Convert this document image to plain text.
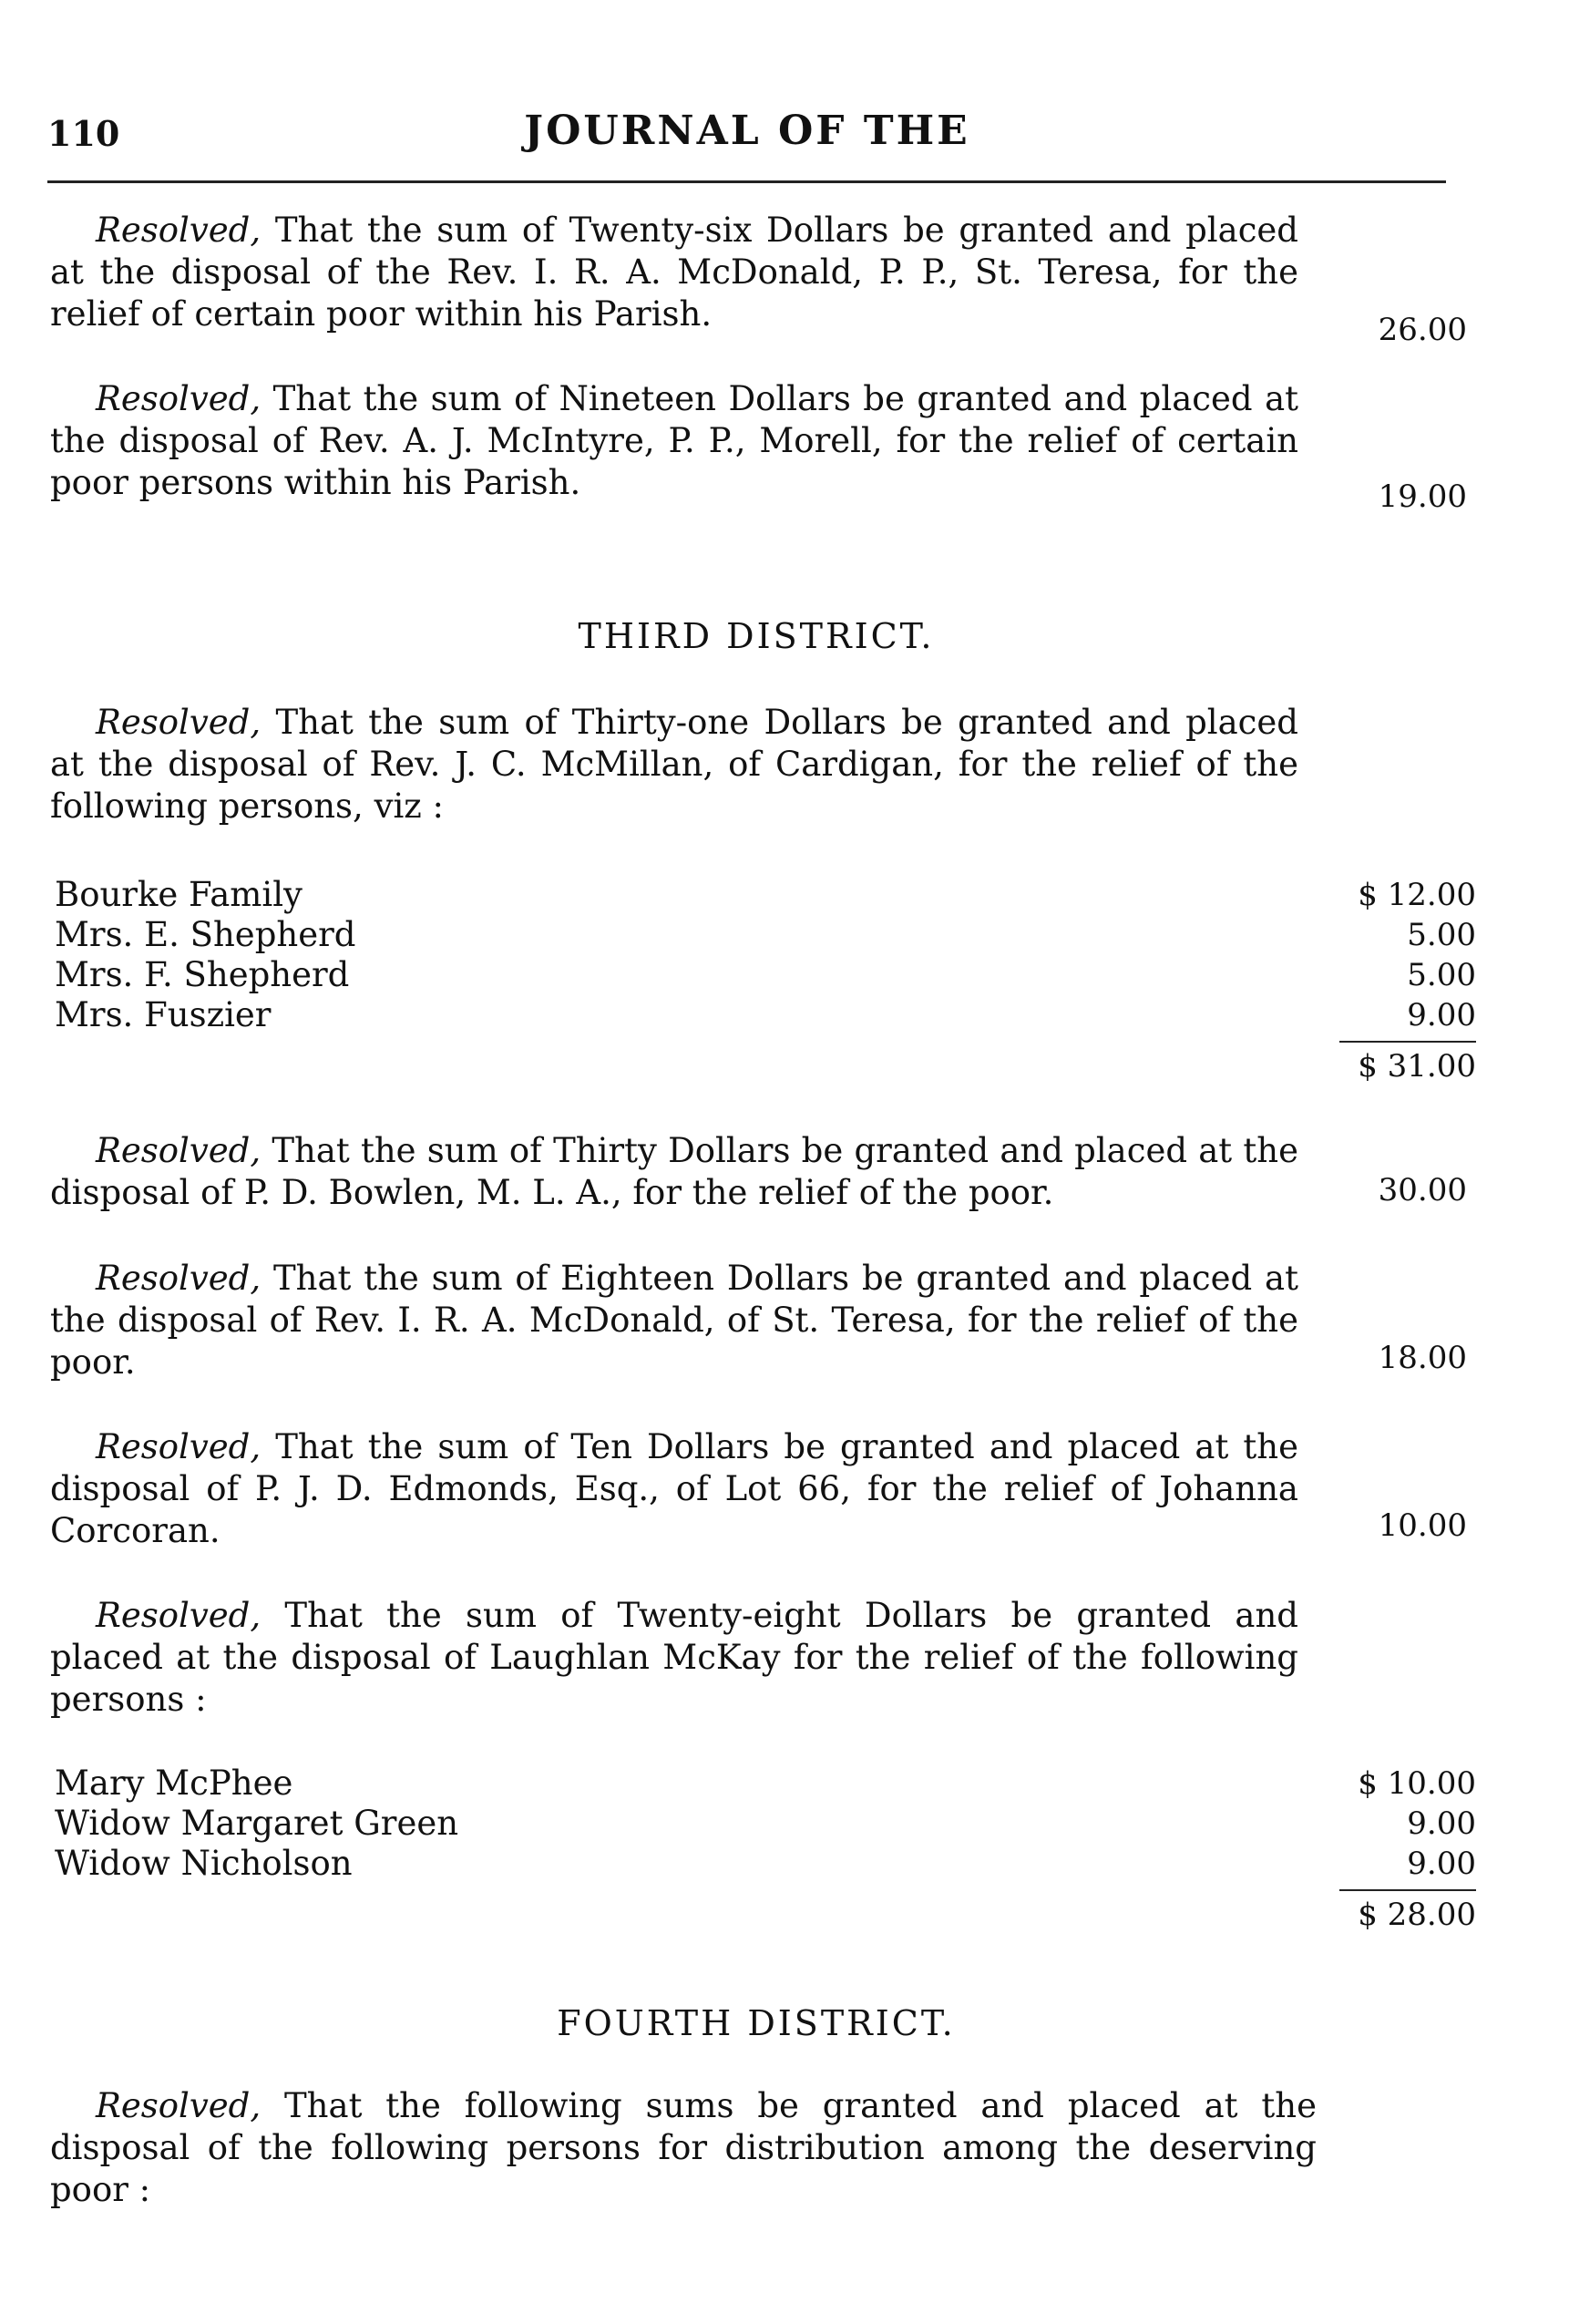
110	JOURNAL OF THE

Resolved, That the sum of Twenty-six Dollars be granted and placed at the disposal of the Rev. I. R. A. McDonald, P. P., St. Teresa, for the relief of certain poor within his Parish.	26.00

Resolved, That the sum of Nineteen Dollars be granted and placed at the disposal of Rev. A. J. McIntyre, P. P., Morell, for the relief of certain poor persons within his Parish.	19.00
THIRD DISTRICT.

Resolved, That the sum of Thirty-one Dollars be granted and placed at the disposal of Rev. J. C. McMillan, of Cardigan, for the relief of the following persons, viz :

Bourke Family	$ 12.00
Mrs. E. Shepherd	5.00
Mrs. F. Shepherd	5.00
Mrs. Fuszier	9.00
$ 31.00

Resolved, That the sum of Thirty Dollars be granted and placed at the disposal of P. D. Bowlen, M. L. A., for the relief of the poor.	30.00

Resolved, That the sum of Eighteen Dollars be granted and placed at the disposal of Rev. I. R. A. McDonald, of St. Teresa, for the relief of the poor.	18.00

Resolved, That the sum of Ten Dollars be granted and placed at the disposal of P. J. D. Edmonds, Esq., of Lot 66, for the relief of Johanna Corcoran.	10.00

Resolved, That the sum of Twenty-eight Dollars be granted and placed at the disposal of Laughlan McKay for the relief of the following persons :

Mary McPhee	$ 10.00
Widow Margaret Green	9.00
Widow Nicholson	9.00
$ 28.00
FOURTH DISTRICT.

Resolved, That the following sums be granted and placed at the disposal of the following persons for distribution among the deserving poor :
